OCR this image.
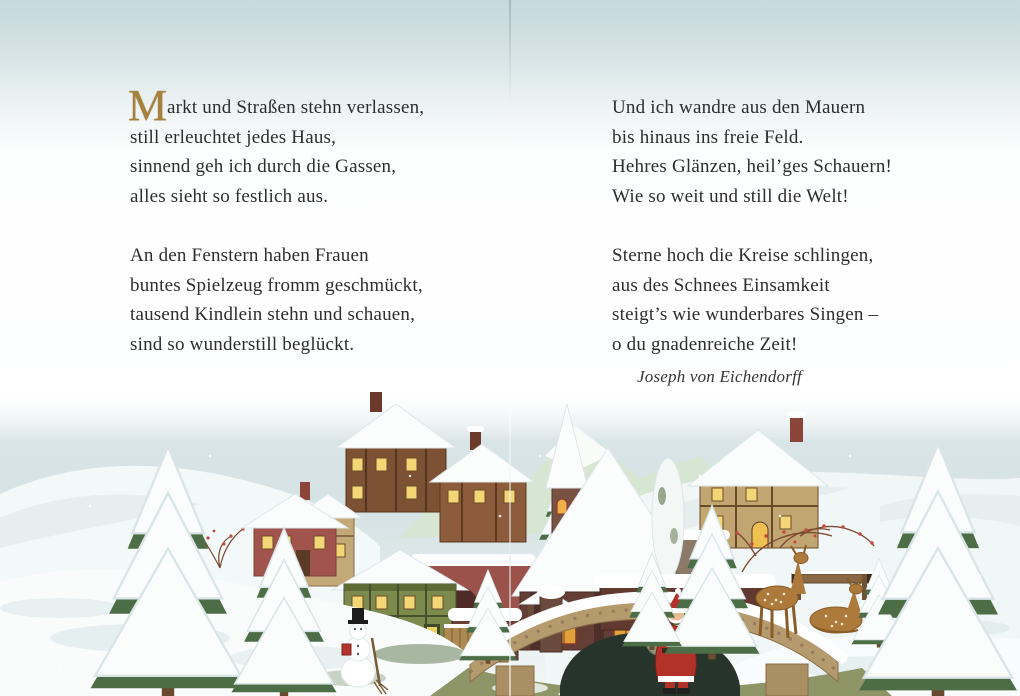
M arkt und Straßen stehn verlassen,
still erleuchtet jedes Haus,
sinnend geh ich durch die Gassen,
alles sieht so festlich aus.
An den Fenstern haben Frauen
buntes Spielzeug fromm geschmückt,
tausend Kindlein stehn und schauen,
sind so wunderstill beglückt.
Und ich wandre aus den Mauern
bis hinaus ins freie Feld.
Hehres Glänzen, heil’ges Schauern!
Wie so weit und still die Welt!
Sterne hoch die Kreise schlingen,
aus des Schnees Einsamkeit
steigt’s wie wunderbares Singen –
o du gnadenreiche Zeit!
Joseph von Eichendorff
